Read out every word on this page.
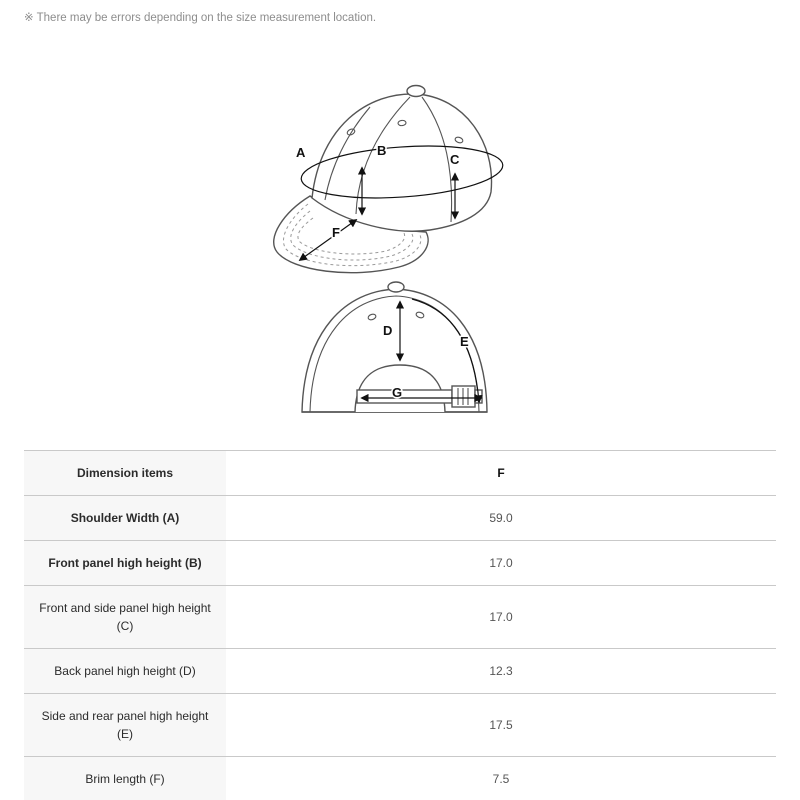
※ There may be errors depending on the size measurement location.
A	B
C
F
D
E
G
Dimension items	F
Shoulder Width (A)	59.0
Front panel high height (B)	17.0
Front and side panel high height (C)	17.0
Back panel high height (D)	12.3
Side and rear panel high height (E)	17.5
Brim length (F)	7.5
